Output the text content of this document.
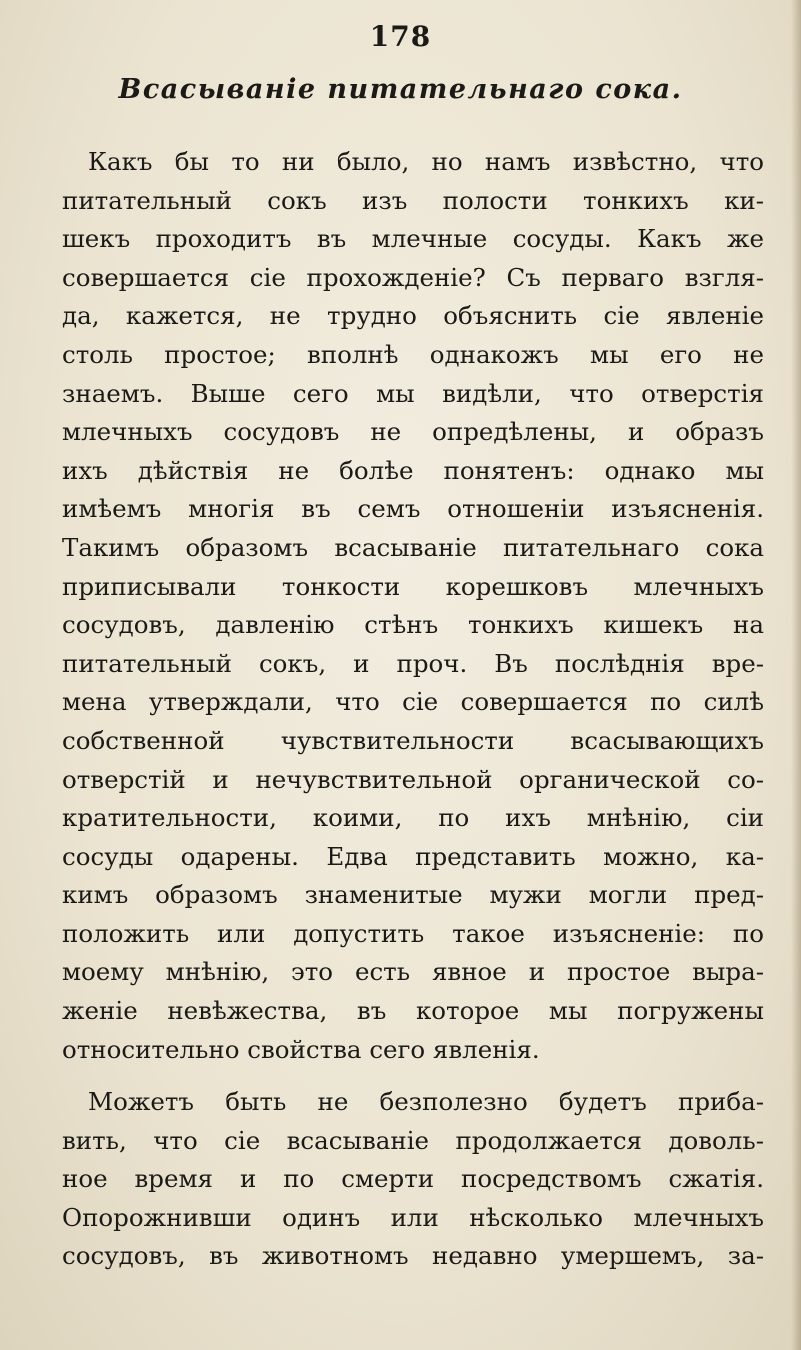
178
Всасываніе питательнаго сока.
Какъ бы то ни было, но намъ извѣстно, что
питательный сокъ изъ полости тонкихъ ки-
шекъ проходитъ въ млечные сосуды. Какъ же
совершается сіе прохожденіе? Съ перваго взгля-
да, кажется, не трудно объяснить сіе явленіе
столь простое; вполнѣ однакожъ мы его не
знаемъ. Выше сего мы видѣли, что отверстія
млечныхъ сосудовъ не опредѣлены, и образъ
ихъ дѣйствія не болѣе понятенъ: однако мы
имѣемъ многія въ семъ отношеніи изъясненія.
Такимъ образомъ всасываніе питательнаго сока
приписывали тонкости корешковъ млечныхъ
сосудовъ, давленію стѣнъ тонкихъ кишекъ на
питательный сокъ, и проч. Въ послѣднія вре-
мена утверждали, что сіе совершается по силѣ
собственной чувствительности всасывающихъ
отверстій и нечувствительной органической со-
кратительности, коими, по ихъ мнѣнію, сіи
сосуды одарены. Едва представить можно, ка-
кимъ образомъ знаменитые мужи могли пред-
положить или допустить такое изъясненіе: по
моему мнѣнію, это есть явное и простое выра-
женіе невѣжества, въ которое мы погружены
относительно свойства сего явленія.
Можетъ быть не безполезно будетъ приба-
вить, что сіе всасываніе продолжается доволь-
ное время и по смерти посредствомъ сжатія.
Опорожнивши одинъ или нѣсколько млечныхъ
сосудовъ, въ животномъ недавно умершемъ, за-
